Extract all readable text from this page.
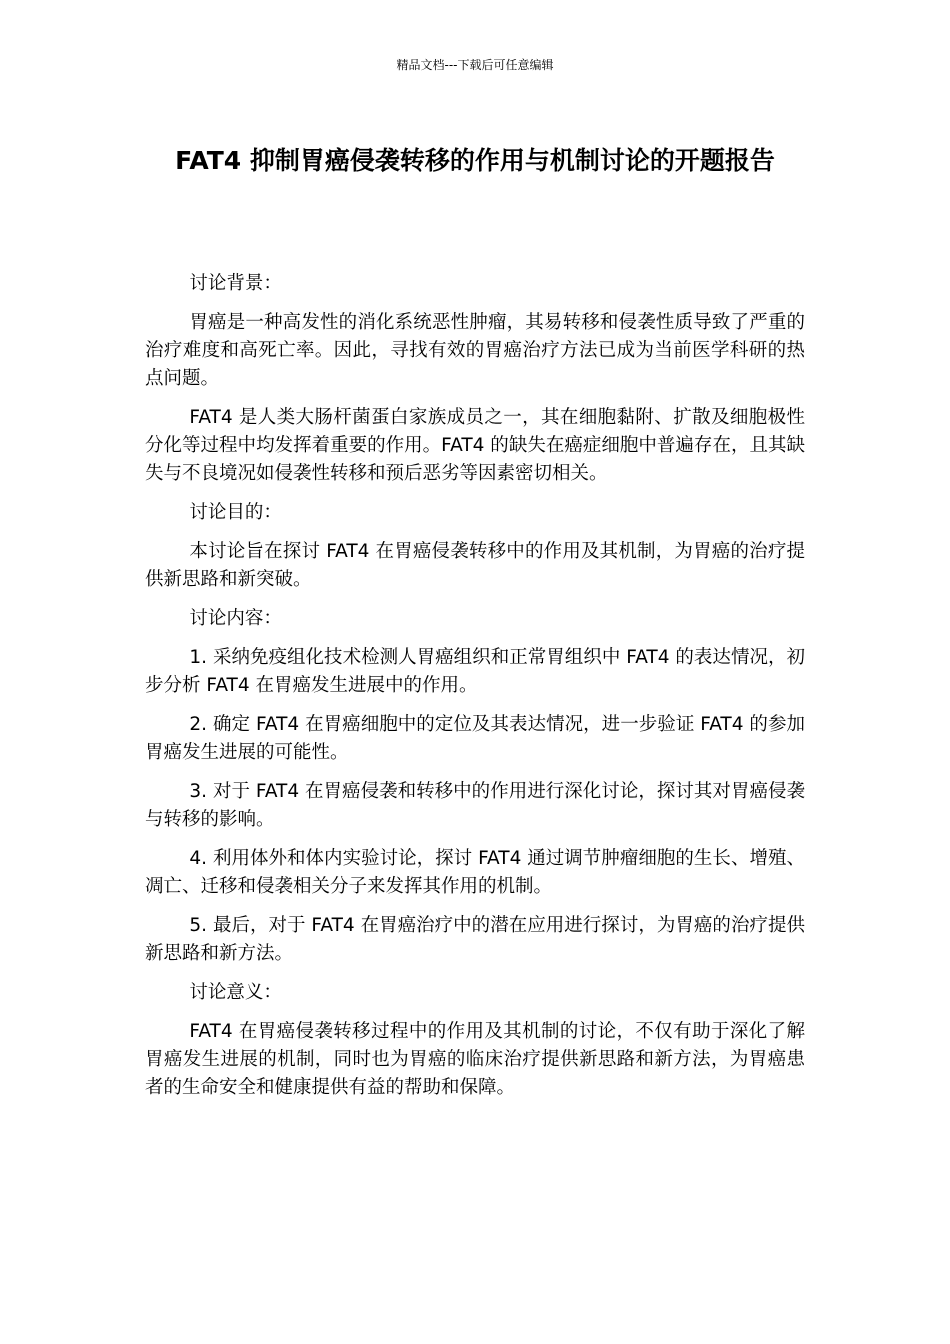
精品文档---下载后可任意编辑
FAT4 抑制胃癌侵袭转移的作用与机制讨论的开题报告

讨论背景：

胃癌是一种高发性的消化系统恶性肿瘤，其易转移和侵袭性质导致了严重的治疗难度和高死亡率。因此，寻找有效的胃癌治疗方法已成为当前医学科研的热点问题。

FAT4 是人类大肠杆菌蛋白家族成员之一，其在细胞黏附、扩散及细胞极性分化等过程中均发挥着重要的作用。FAT4 的缺失在癌症细胞中普遍存在，且其缺失与不良境况如侵袭性转移和预后恶劣等因素密切相关。

讨论目的：

本讨论旨在探讨 FAT4 在胃癌侵袭转移中的作用及其机制，为胃癌的治疗提供新思路和新突破。

讨论内容：

1. 采纳免疫组化技术检测人胃癌组织和正常胃组织中 FAT4 的表达情况，初步分析 FAT4 在胃癌发生进展中的作用。

2. 确定 FAT4 在胃癌细胞中的定位及其表达情况，进一步验证 FAT4 的参加胃癌发生进展的可能性。

3. 对于 FAT4 在胃癌侵袭和转移中的作用进行深化讨论，探讨其对胃癌侵袭与转移的影响。

4. 利用体外和体内实验讨论，探讨 FAT4 通过调节肿瘤细胞的生长、增殖、凋亡、迁移和侵袭相关分子来发挥其作用的机制。

5. 最后，对于 FAT4 在胃癌治疗中的潜在应用进行探讨，为胃癌的治疗提供新思路和新方法。

讨论意义：

FAT4 在胃癌侵袭转移过程中的作用及其机制的讨论，不仅有助于深化了解胃癌发生进展的机制，同时也为胃癌的临床治疗提供新思路和新方法，为胃癌患者的生命安全和健康提供有益的帮助和保障。
